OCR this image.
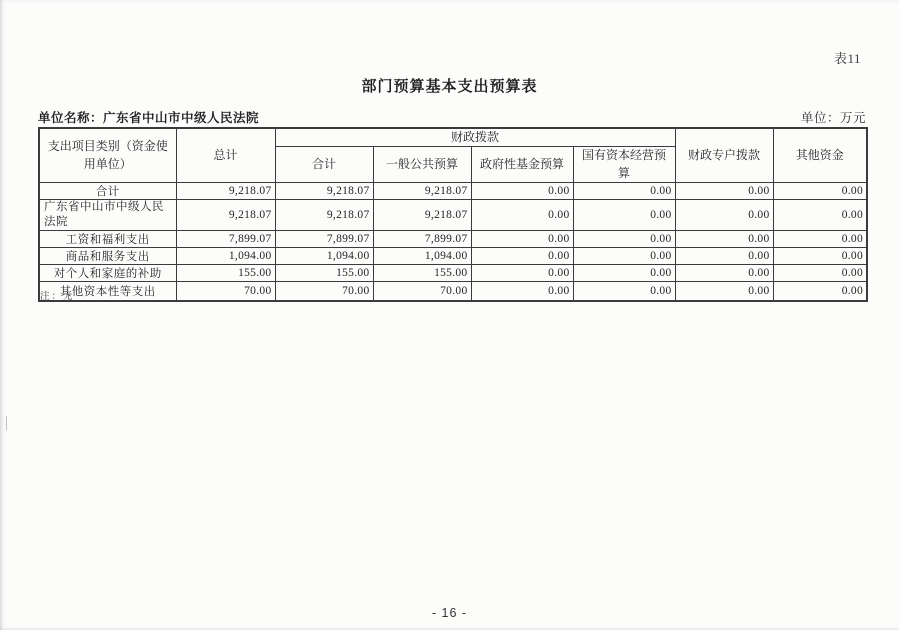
表11
部门预算基本支出预算表
单位名称：广东省中山市中级人民法院	单位：万元
支出项目类别（资金使用单位）	总计	财政拨款				财政专户拨款	其他资金
		合计	一般公共预算	政府性基金预算	国有资本经营预算		
合计	9,218.07	9,218.07	9,218.07	0.00	0.00	0.00	0.00
广东省中山市中级人民法院	9,218.07	9,218.07	9,218.07	0.00	0.00	0.00	0.00
工资和福利支出	7,899.07	7,899.07	7,899.07	0.00	0.00	0.00	0.00
商品和服务支出	1,094.00	1,094.00	1,094.00	0.00	0.00	0.00	0.00
对个人和家庭的补助	155.00	155.00	155.00	0.00	0.00	0.00	0.00
其他资本性等支出	70.00	70.00	70.00	0.00	0.00	0.00	0.00
注：无
- 16 -
